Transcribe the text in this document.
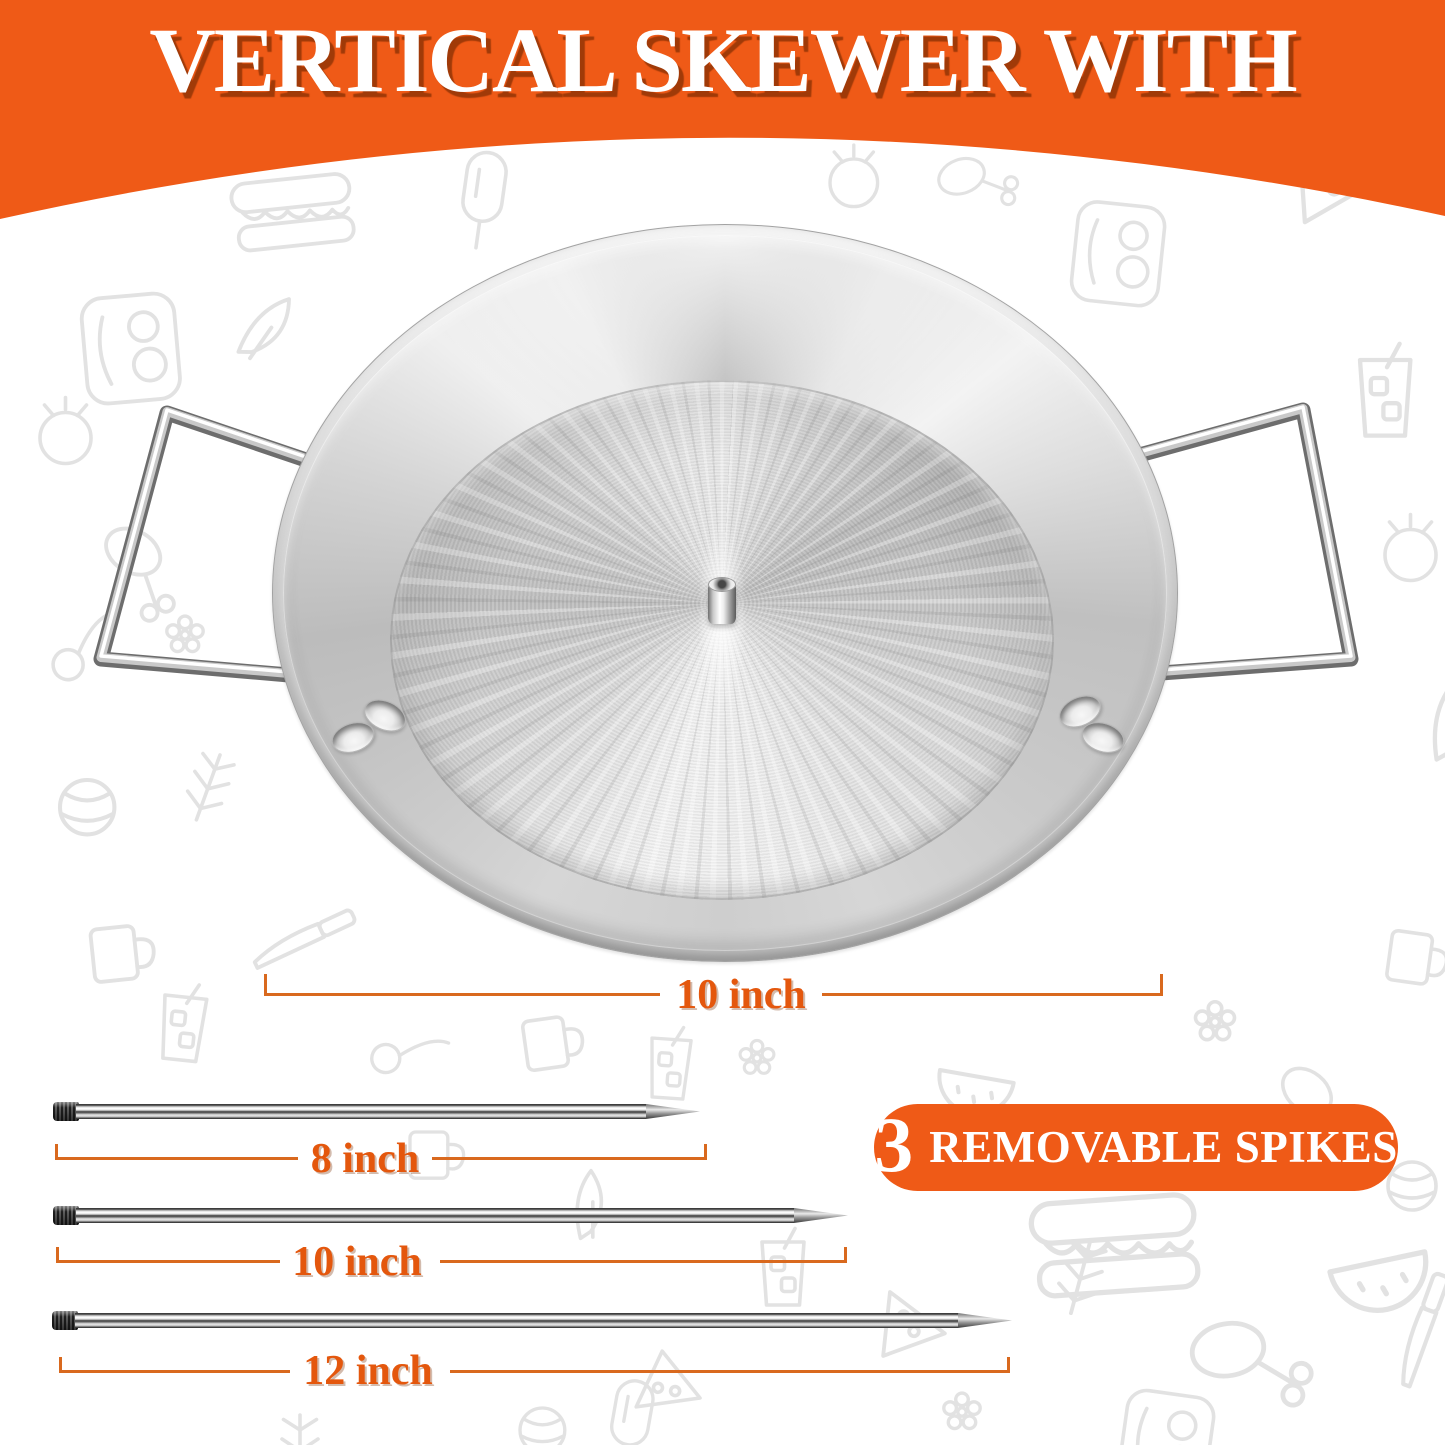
VERTICAL SKEWER WITH
10 inch
8 inch
10 inch
12 inch
3 REMOVABLE SPIKES
